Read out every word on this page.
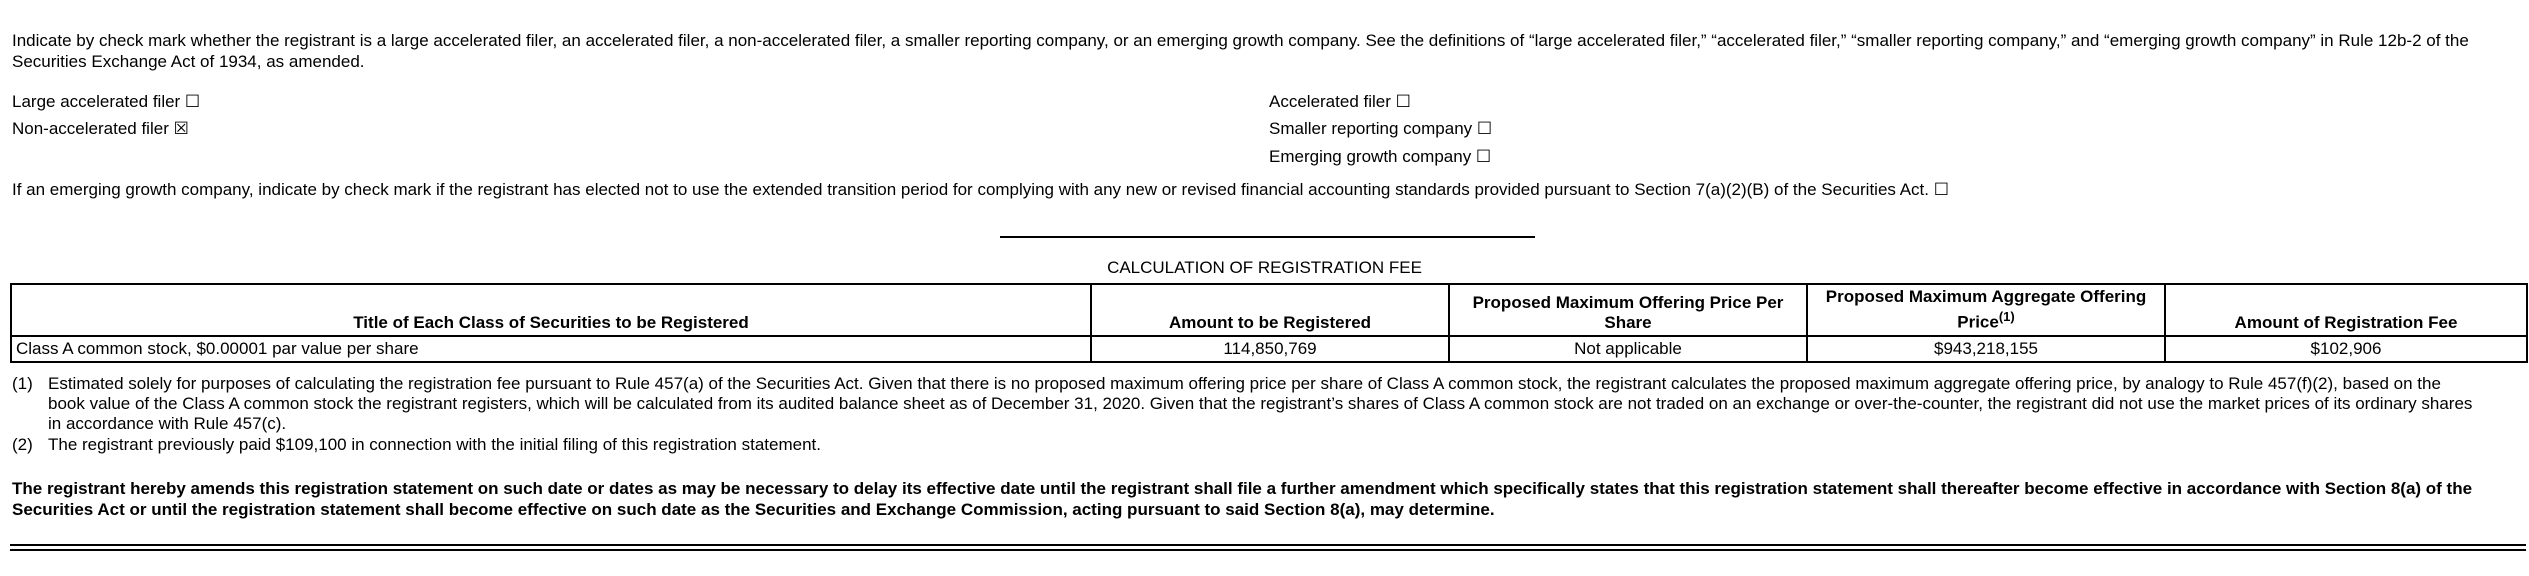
Indicate by check mark whether the registrant is a large accelerated filer, an accelerated filer, a non-accelerated filer, a smaller reporting company, or an emerging growth company. See the definitions of “large accelerated filer,” “accelerated filer,” “smaller reporting company,” and “emerging growth company” in Rule 12b-2 of the Securities Exchange Act of 1934, as amended.
Large accelerated filer ☐
Non-accelerated filer ☒
Accelerated filer ☐
Smaller reporting company ☐
Emerging growth company ☐
If an emerging growth company, indicate by check mark if the registrant has elected not to use the extended transition period for complying with any new or revised financial accounting standards provided pursuant to Section 7(a)(2)(B) of the Securities Act. ☐
CALCULATION OF REGISTRATION FEE
Title of Each Class of Securities to be Registered	Amount to be Registered	Proposed Maximum Offering Price Per Share	Proposed Maximum Aggregate Offering Price$^{(1)}$	Amount of Registration Fee
Class A common stock, $0.00001 par value per share	114,850,769	Not applicable	$943,218,155	$102,906
(1) Estimated solely for purposes of calculating the registration fee pursuant to Rule 457(a) of the Securities Act. Given that there is no proposed maximum offering price per share of Class A common stock, the registrant calculates the proposed maximum aggregate offering price, by analogy to Rule 457(f)(2), based on the book value of the Class A common stock the registrant registers, which will be calculated from its audited balance sheet as of December 31, 2020. Given that the registrant’s shares of Class A common stock are not traded on an exchange or over-the-counter, the registrant did not use the market prices of its ordinary shares in accordance with Rule 457(c).
(2) The registrant previously paid $109,100 in connection with the initial filing of this registration statement.
The registrant hereby amends this registration statement on such date or dates as may be necessary to delay its effective date until the registrant shall file a further amendment which specifically states that this registration statement shall thereafter become effective in accordance with Section 8(a) of the Securities Act or until the registration statement shall become effective on such date as the Securities and Exchange Commission, acting pursuant to said Section 8(a), may determine.
